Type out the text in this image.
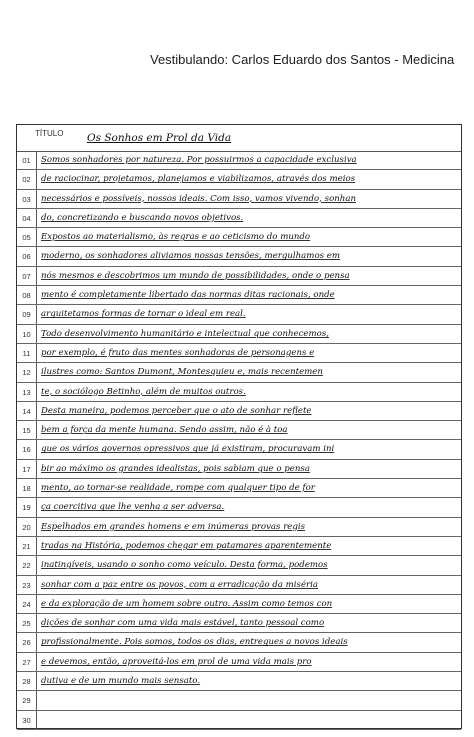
Vestibulando: Carlos Eduardo dos Santos - Medicina
TÍTULO Os Sonhos em Prol da Vida
01	Somos sonhadores por natureza. Por possuirmos a capacidade exclusiva
02	de raciocinar, projetamos, planejamos e viabilizamos, através dos meios
03	necessários e possíveis, nossos ideais. Com isso, vamos vivendo, sonhan
04	do, concretizando e buscando novos objetivos.
05	Expostos ao materialismo, às regras e ao ceticismo do mundo
06	moderno, os sonhadores aliviamos nossas tensões, mergulhamos em
07	nós mesmos e descobrimos um mundo de possibilidades, onde o pensa
08	mento é completamente libertado das normas ditas racionais, onde
09	arquitetamos formas de tornar o ideal em real.
10	Todo desenvolvimento humanitário e intelectual que conhecemos,
11	por exemplo, é fruto das mentes sonhadoras de personagens e
12	ilustres como: Santos Dumont, Montesquieu e, mais recentemen
13	te, o sociólogo Betinho, além de muitos outros.
14	Desta maneira, podemos perceber que o ato de sonhar reflete
15	bem a força da mente humana. Sendo assim, não é à toa
16	que os vários governos opressivos que já existiram, procuravam ini
17	bir ao máximo os grandes idealistas, pois sabiam que o pensa
18	mento, ao tornar-se realidade, rompe com qualquer tipo de for
19	ça coercitiva que lhe venha a ser adversa.
20	Espelhados em grandes homens e em inúmeras provas regis
21	tradas na História, podemos chegar em patamares aparentemente
22	inatingíveis, usando o sonho como veículo. Desta forma, podemos
23	sonhar com a paz entre os povos, com a erradicação da miséria
24	e da exploração de um homem sobre outro. Assim como temos con
25	dições de sonhar com uma vida mais estável, tanto pessoal como
26	profissionalmente. Pois somos, todos os dias, entregues a novos ideais
27	e devemos, então, aproveitá-los em prol de uma vida mais pro
28	dutiva e de um mundo mais sensato.
29
30
